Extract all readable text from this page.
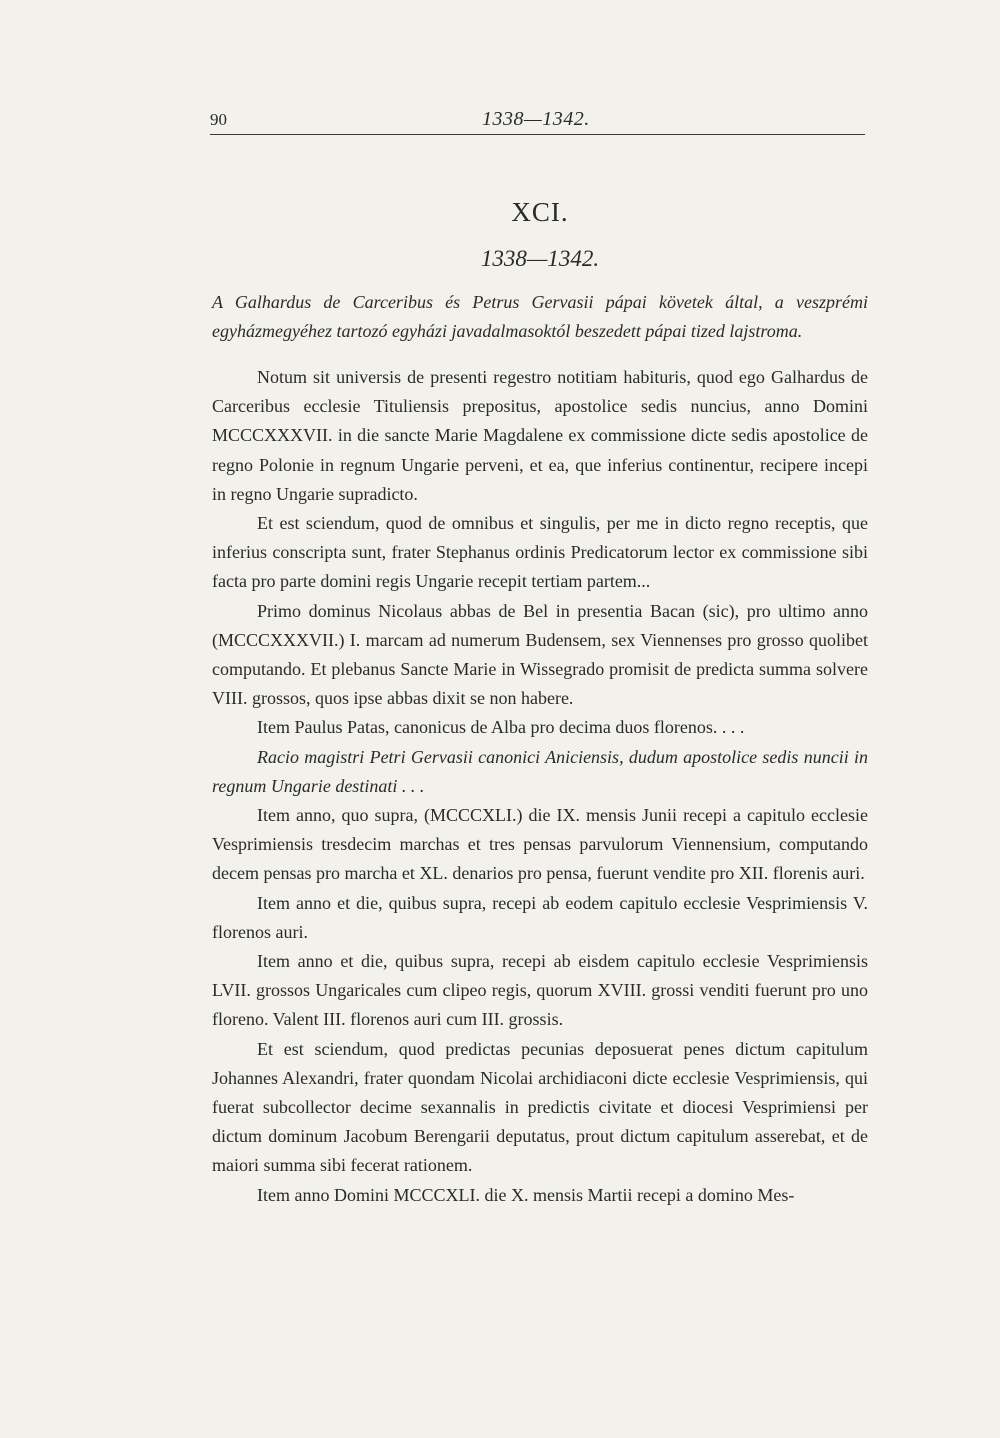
90	1338—1342.
XCI.
1338—1342.
A Galhardus de Carceribus és Petrus Gervasii pápai követek által, a veszprémi egyházmegyéhez tartozó egyházi javadalmasoktól beszedett pápai tized lajstroma.

Notum sit universis de presenti regestro notitiam habituris, quod ego Galhardus de Carceribus ecclesie Tituliensis prepositus, apostolice sedis nuncius, anno Domini MCCCXXXVII. in die sancte Marie Magdalene ex commissione dicte sedis apostolice de regno Polonie in regnum Ungarie perveni, et ea, que inferius continentur, recipere incepi in regno Ungarie supradicto.

Et est sciendum, quod de omnibus et singulis, per me in dicto regno receptis, que inferius conscripta sunt, frater Stephanus ordinis Predicatorum lector ex commissione sibi facta pro parte domini regis Ungarie recepit tertiam partem...

Primo dominus Nicolaus abbas de Bel in presentia Bacan (sic), pro ultimo anno (MCCCXXXVII.) I. marcam ad numerum Budensem, sex Viennenses pro grosso quolibet computando. Et plebanus Sancte Marie in Wissegrado promisit de predicta summa solvere VIII. grossos, quos ipse abbas dixit se non habere.

Item Paulus Patas, canonicus de Alba pro decima duos florenos. . . .

Racio magistri Petri Gervasii canonici Aniciensis, dudum apostolice sedis nuncii in regnum Ungarie destinati . . .

Item anno, quo supra, (MCCCXLI.) die IX. mensis Junii recepi a capitulo ecclesie Vesprimiensis tresdecim marchas et tres pensas parvulorum Viennensium, computando decem pensas pro marcha et XL. denarios pro pensa, fuerunt vendite pro XII. florenis auri.

Item anno et die, quibus supra, recepi ab eodem capitulo ecclesie Vesprimiensis V. florenos auri.

Item anno et die, quibus supra, recepi ab eisdem capitulo ecclesie Vesprimiensis LVII. grossos Ungaricales cum clipeo regis, quorum XVIII. grossi venditi fuerunt pro uno floreno. Valent III. florenos auri cum III. grossis.

Et est sciendum, quod predictas pecunias deposuerat penes dictum capitulum Johannes Alexandri, frater quondam Nicolai archidiaconi dicte ecclesie Vesprimiensis, qui fuerat subcollector decime sexannalis in predictis civitate et diocesi Vesprimiensi per dictum dominum Jacobum Berengarii deputatus, prout dictum capitulum asserebat, et de maiori summa sibi fecerat rationem.

Item anno Domini MCCCXLI. die X. mensis Martii recepi a domino Mes-
